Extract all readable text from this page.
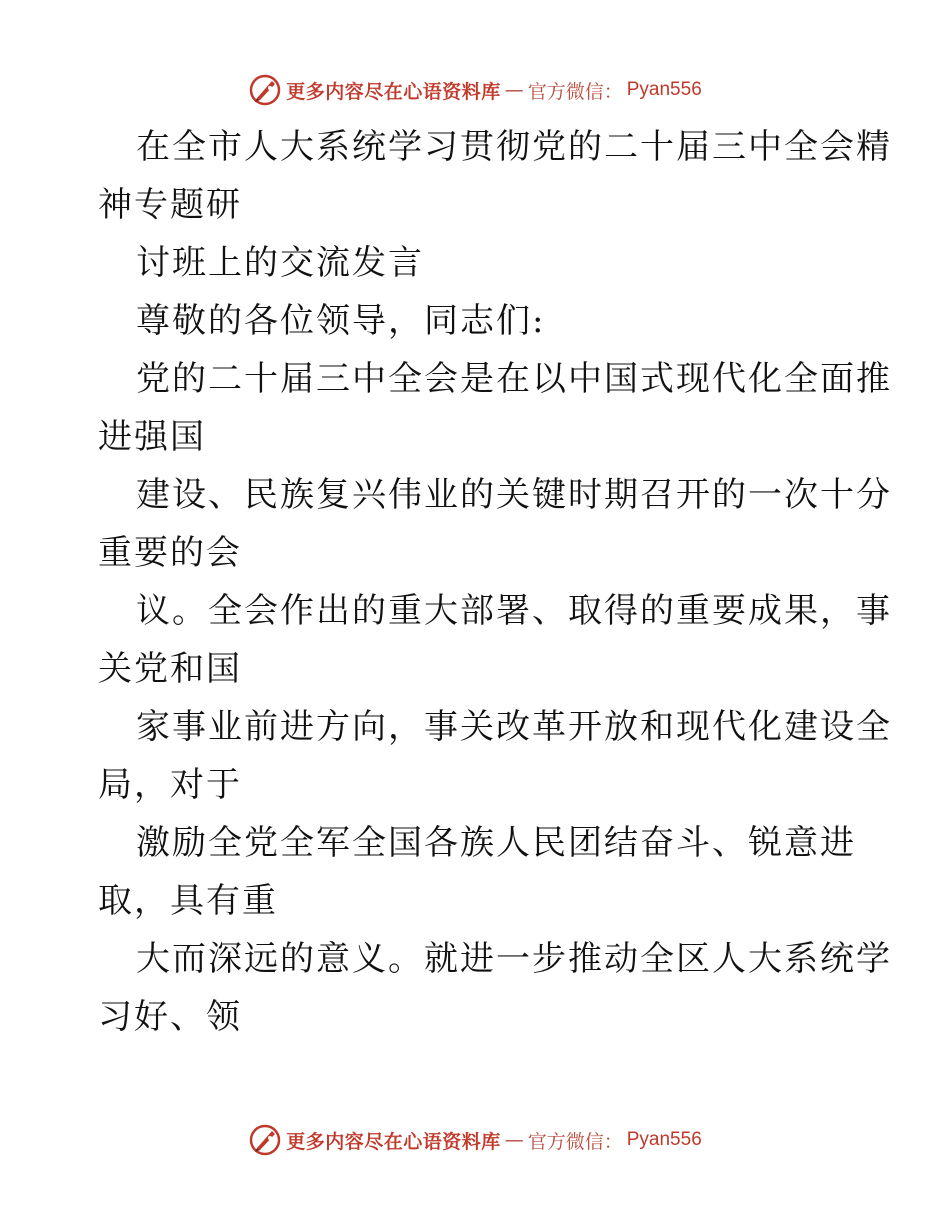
更多内容尽在心语资料库 — 官方微信： Pyan556
在全市人大系统学习贯彻党的二十届三中全会精
神专题研
讨班上的交流发言
尊敬的各位领导，同志们:
党的二十届三中全会是在以中国式现代化全面推
进强国
建设、民族复兴伟业的关键时期召开的一次十分
重要的会
议。全会作出的重大部署、取得的重要成果，事
关党和国
家事业前进方向，事关改革开放和现代化建设全
局，对于
激励全党全军全国各族人民团结奋斗、锐意进
取，具有重
大而深远的意义。就进一步推动全区人大系统学
习好、领
更多内容尽在心语资料库 — 官方微信： Pyan556
